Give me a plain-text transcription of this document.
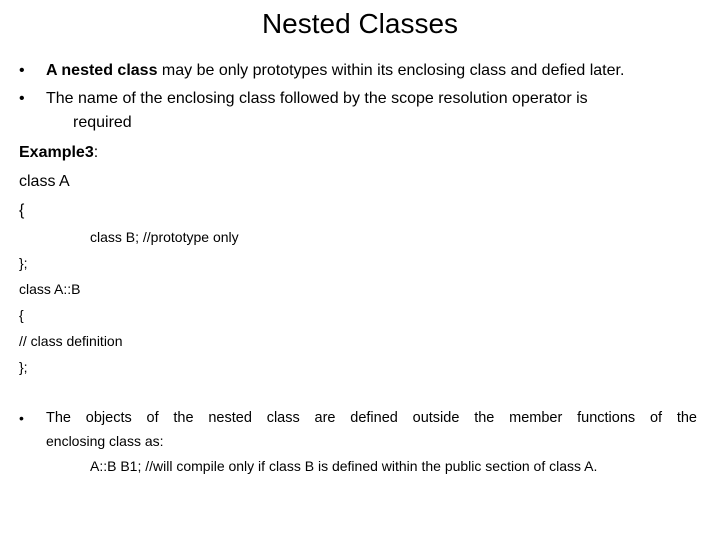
Nested Classes
• A nested class may be only prototypes within its enclosing class and defied later.
• The name of the enclosing class followed by the scope resolution operator is
required
Example3:
class A
{
class B; //prototype only
};
class A::B
{
// class definition
};
• The objects of the nested class are defined outside the member functions of the
enclosing class as:
A::B B1; //will compile only if class B is defined within the public section of class A.
